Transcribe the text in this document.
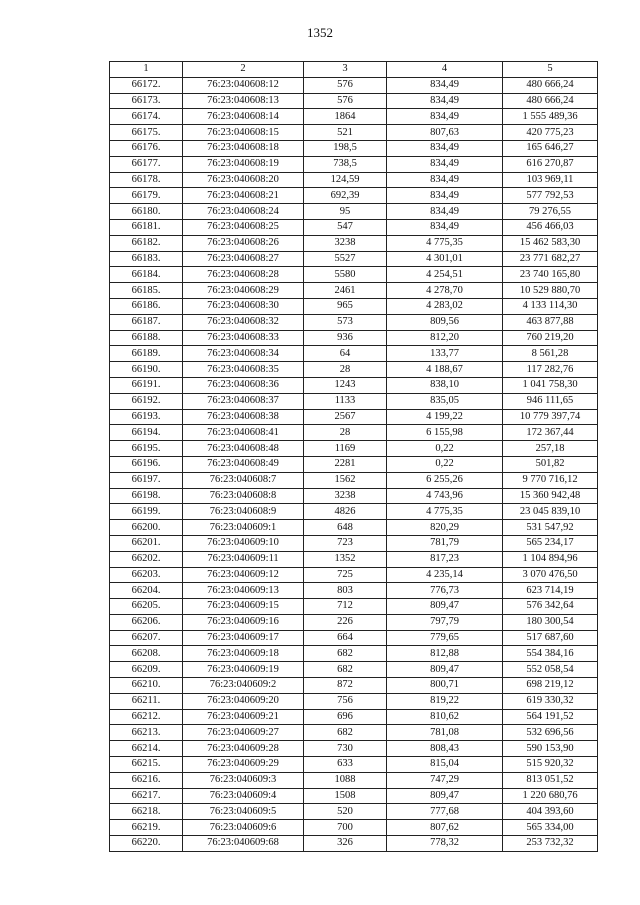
1352
1	2	3	4	5
66172.	76:23:040608:12	576	834,49	480 666,24
66173.	76:23:040608:13	576	834,49	480 666,24
66174.	76:23:040608:14	1864	834,49	1 555 489,36
66175.	76:23:040608:15	521	807,63	420 775,23
66176.	76:23:040608:18	198,5	834,49	165 646,27
66177.	76:23:040608:19	738,5	834,49	616 270,87
66178.	76:23:040608:20	124,59	834,49	103 969,11
66179.	76:23:040608:21	692,39	834,49	577 792,53
66180.	76:23:040608:24	95	834,49	79 276,55
66181.	76:23:040608:25	547	834,49	456 466,03
66182.	76:23:040608:26	3238	4 775,35	15 462 583,30
66183.	76:23:040608:27	5527	4 301,01	23 771 682,27
66184.	76:23:040608:28	5580	4 254,51	23 740 165,80
66185.	76:23:040608:29	2461	4 278,70	10 529 880,70
66186.	76:23:040608:30	965	4 283,02	4 133 114,30
66187.	76:23:040608:32	573	809,56	463 877,88
66188.	76:23:040608:33	936	812,20	760 219,20
66189.	76:23:040608:34	64	133,77	8 561,28
66190.	76:23:040608:35	28	4 188,67	117 282,76
66191.	76:23:040608:36	1243	838,10	1 041 758,30
66192.	76:23:040608:37	1133	835,05	946 111,65
66193.	76:23:040608:38	2567	4 199,22	10 779 397,74
66194.	76:23:040608:41	28	6 155,98	172 367,44
66195.	76:23:040608:48	1169	0,22	257,18
66196.	76:23:040608:49	2281	0,22	501,82
66197.	76:23:040608:7	1562	6 255,26	9 770 716,12
66198.	76:23:040608:8	3238	4 743,96	15 360 942,48
66199.	76:23:040608:9	4826	4 775,35	23 045 839,10
66200.	76:23:040609:1	648	820,29	531 547,92
66201.	76:23:040609:10	723	781,79	565 234,17
66202.	76:23:040609:11	1352	817,23	1 104 894,96
66203.	76:23:040609:12	725	4 235,14	3 070 476,50
66204.	76:23:040609:13	803	776,73	623 714,19
66205.	76:23:040609:15	712	809,47	576 342,64
66206.	76:23:040609:16	226	797,79	180 300,54
66207.	76:23:040609:17	664	779,65	517 687,60
66208.	76:23:040609:18	682	812,88	554 384,16
66209.	76:23:040609:19	682	809,47	552 058,54
66210.	76:23:040609:2	872	800,71	698 219,12
66211.	76:23:040609:20	756	819,22	619 330,32
66212.	76:23:040609:21	696	810,62	564 191,52
66213.	76:23:040609:27	682	781,08	532 696,56
66214.	76:23:040609:28	730	808,43	590 153,90
66215.	76:23:040609:29	633	815,04	515 920,32
66216.	76:23:040609:3	1088	747,29	813 051,52
66217.	76:23:040609:4	1508	809,47	1 220 680,76
66218.	76:23:040609:5	520	777,68	404 393,60
66219.	76:23:040609:6	700	807,62	565 334,00
66220.	76:23:040609:68	326	778,32	253 732,32
